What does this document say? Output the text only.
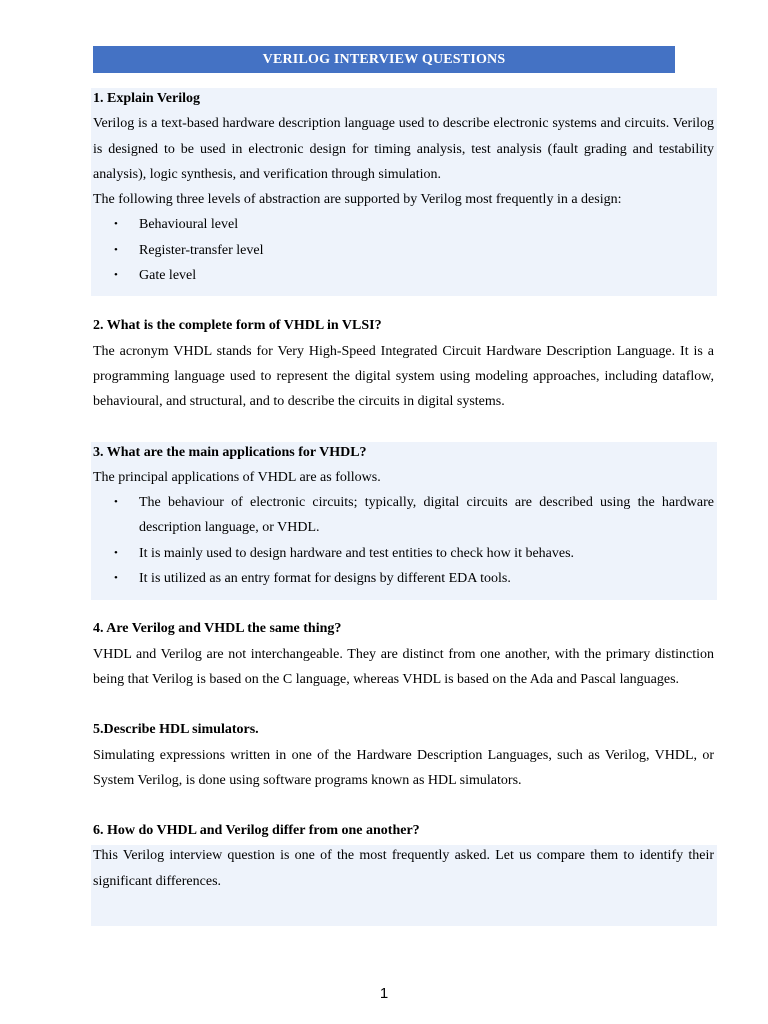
VERILOG INTERVIEW QUESTIONS

1. Explain Verilog

Verilog is a text-based hardware description language used to describe electronic systems and circuits. Verilog is designed to be used in electronic design for timing analysis, test analysis (fault grading and testability analysis), logic synthesis, and verification through simulation.

The following three levels of abstraction are supported by Verilog most frequently in a design:

• Behavioural level
• Register-transfer level
• Gate level

2. What is the complete form of VHDL in VLSI?

The acronym VHDL stands for Very High-Speed Integrated Circuit Hardware Description Language. It is a programming language used to represent the digital system using modeling approaches, including dataflow, behavioural, and structural, and to describe the circuits in digital systems.

3. What are the main applications for VHDL?

The principal applications of VHDL are as follows.

• The behaviour of electronic circuits; typically, digital circuits are described using the hardware description language, or VHDL.
• It is mainly used to design hardware and test entities to check how it behaves.
• It is utilized as an entry format for designs by different EDA tools.

4. Are Verilog and VHDL the same thing?

VHDL and Verilog are not interchangeable. They are distinct from one another, with the primary distinction being that Verilog is based on the C language, whereas VHDL is based on the Ada and Pascal languages.

5.Describe HDL simulators.

Simulating expressions written in one of the Hardware Description Languages, such as Verilog, VHDL, or System Verilog, is done using software programs known as HDL simulators.

6. How do VHDL and Verilog differ from one another?

This Verilog interview question is one of the most frequently asked. Let us compare them to identify their significant differences.

1
